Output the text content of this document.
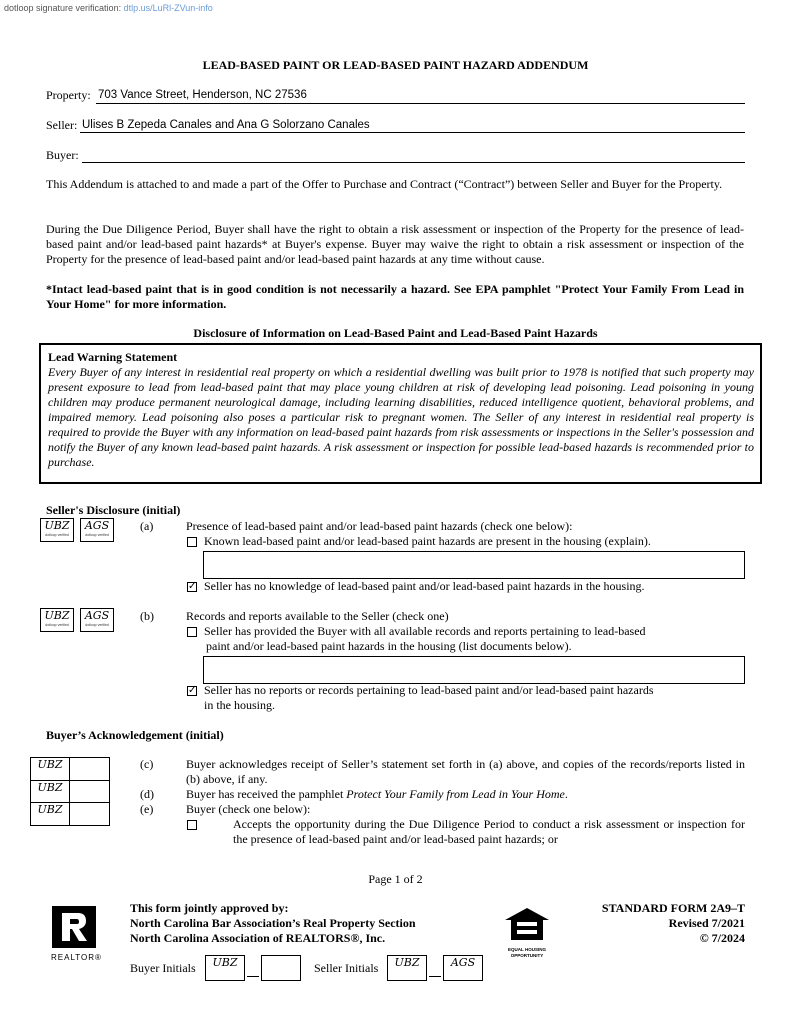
dotloop signature verification: dtlp.us/LuRl-ZVun-info
LEAD-BASED PAINT OR LEAD-BASED PAINT HAZARD ADDENDUM
Property: 703 Vance Street, Henderson, NC 27536
Seller: Ulises B Zepeda Canales and Ana G Solorzano Canales
Buyer:
This Addendum is attached to and made a part of the Offer to Purchase and Contract (“Contract”) between Seller and Buyer for the Property.
During the Due Diligence Period, Buyer shall have the right to obtain a risk assessment or inspection of the Property for the presence of lead-based paint and/or lead-based paint hazards* at Buyer's expense. Buyer may waive the right to obtain a risk assessment or inspection of the Property for the presence of lead-based paint and/or lead-based paint hazards at any time without cause.
*Intact lead-based paint that is in good condition is not necessarily a hazard. See EPA pamphlet "Protect Your Family From Lead in Your Home" for more information.
Disclosure of Information on Lead-Based Paint and Lead-Based Paint Hazards
Lead Warning Statement
Every Buyer of any interest in residential real property on which a residential dwelling was built prior to 1978 is notified that such property may present exposure to lead from lead-based paint that may place young children at risk of developing lead poisoning. Lead poisoning in young children may produce permanent neurological damage, including learning disabilities, reduced intelligence quotient, behavioral problems, and impaired memory. Lead poisoning also poses a particular risk to pregnant women. The Seller of any interest in residential real property is required to provide the Buyer with any information on lead-based paint hazards from risk assessments or inspections in the Seller's possession and notify the Buyer of any known lead-based paint hazards. A risk assessment or inspection for possible lead-based hazards is recommended prior to purchase.
Seller's Disclosure (initial)
UBZ
dotloop verified
AGS
dotloop verified
(a)	Presence of lead-based paint and/or lead-based paint hazards (check one below):
Known lead-based paint and/or lead-based paint hazards are present in the housing (explain).
✓ Seller has no knowledge of lead-based paint and/or lead-based paint hazards in the housing.
UBZ
dotloop verified
AGS
dotloop verified
(b)	Records and reports available to the Seller (check one)
Seller has provided the Buyer with all available records and reports pertaining to lead-based
paint and/or lead-based paint hazards in the housing (list documents below).
✓ Seller has no reports or records pertaining to lead-based paint and/or lead-based paint hazards
in the housing.
Buyer’s Acknowledgement (initial)
UBZ
UBZ
UBZ
(c)	Buyer acknowledges receipt of Seller’s statement set forth in (a) above, and copies of the records/reports listed in (b) above, if any.
(d)	Buyer has received the pamphlet Protect Your Family from Lead in Your Home.
(e)	Buyer (check one below):
Accepts the opportunity during the Due Diligence Period to conduct a risk assessment or inspection for the presence of lead-based paint and/or lead-based paint hazards; or
Page 1 of 2
REALTOR®
This form jointly approved by:
North Carolina Bar Association’s Real Property Section
North Carolina Association of REALTORS®, Inc.
EQUAL HOUSING
OPPORTUNITY
STANDARD FORM 2A9–T
Revised 7/2021
© 7/2024
Buyer Initials	UBZ	Seller Initials	UBZ	AGS
